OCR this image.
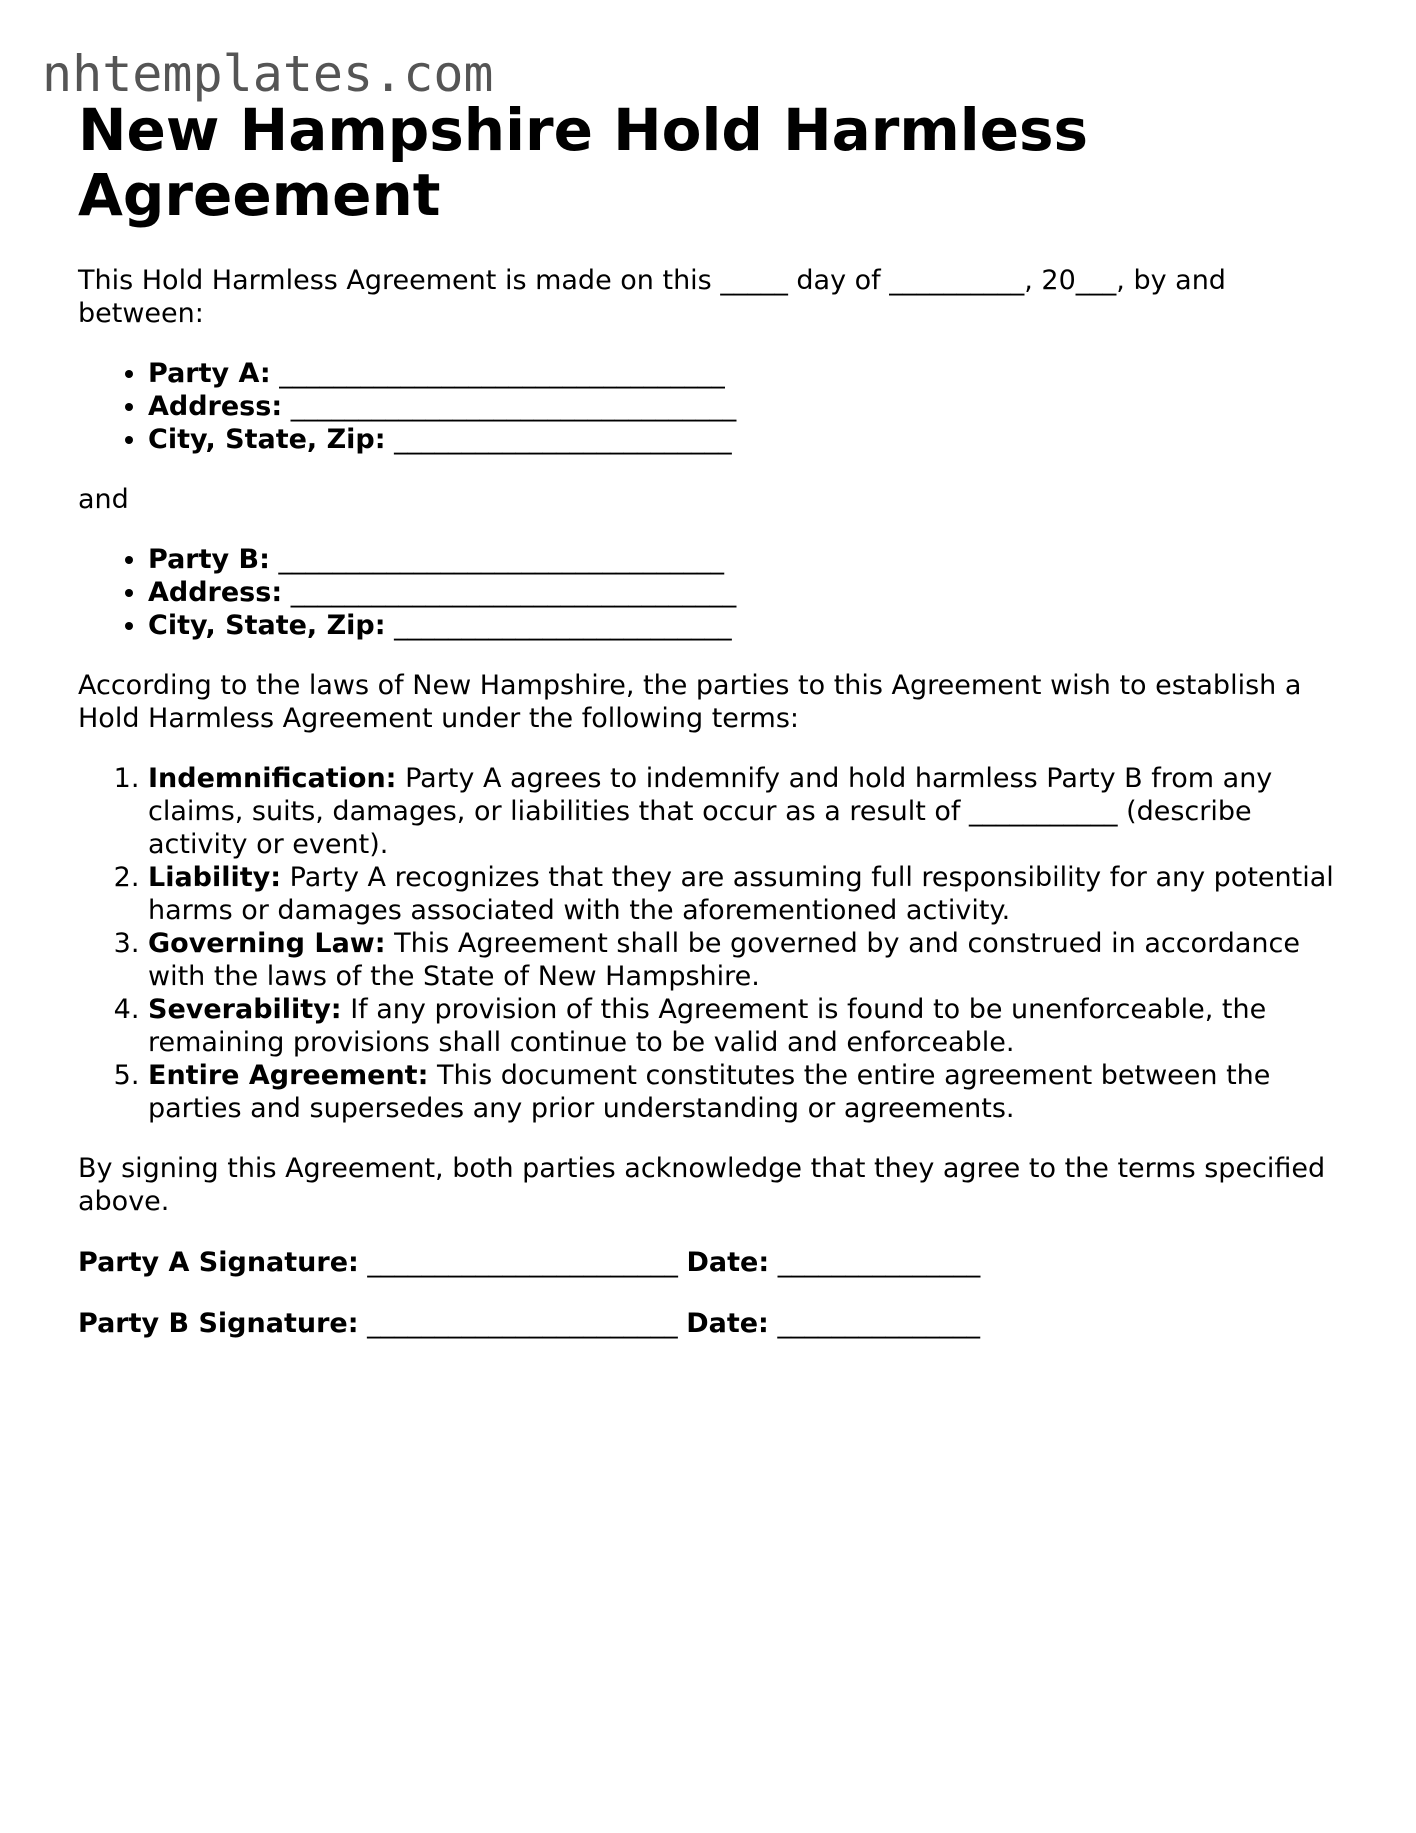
nhtemplates.com
New Hampshire Hold Harmless Agreement

This Hold Harmless Agreement is made on this _____ day of __________, 20___, by and between:

• Party A: _________________________________
• Address: _________________________________
• City, State, Zip: _________________________

and

• Party B: _________________________________
• Address: _________________________________
• City, State, Zip: _________________________

According to the laws of New Hampshire, the parties to this Agreement wish to establish a Hold Harmless Agreement under the following terms:

1. Indemnification: Party A agrees to indemnify and hold harmless Party B from any claims, suits, damages, or liabilities that occur as a result of ___________ (describe activity or event).
2. Liability: Party A recognizes that they are assuming full responsibility for any potential harms or damages associated with the aforementioned activity.
3. Governing Law: This Agreement shall be governed by and construed in accordance with the laws of the State of New Hampshire.
4. Severability: If any provision of this Agreement is found to be unenforceable, the remaining provisions shall continue to be valid and enforceable.
5. Entire Agreement: This document constitutes the entire agreement between the parties and supersedes any prior understanding or agreements.

By signing this Agreement, both parties acknowledge that they agree to the terms specified above.

Party A Signature: _______________________ Date: _______________
Party B Signature: _______________________ Date: _______________
